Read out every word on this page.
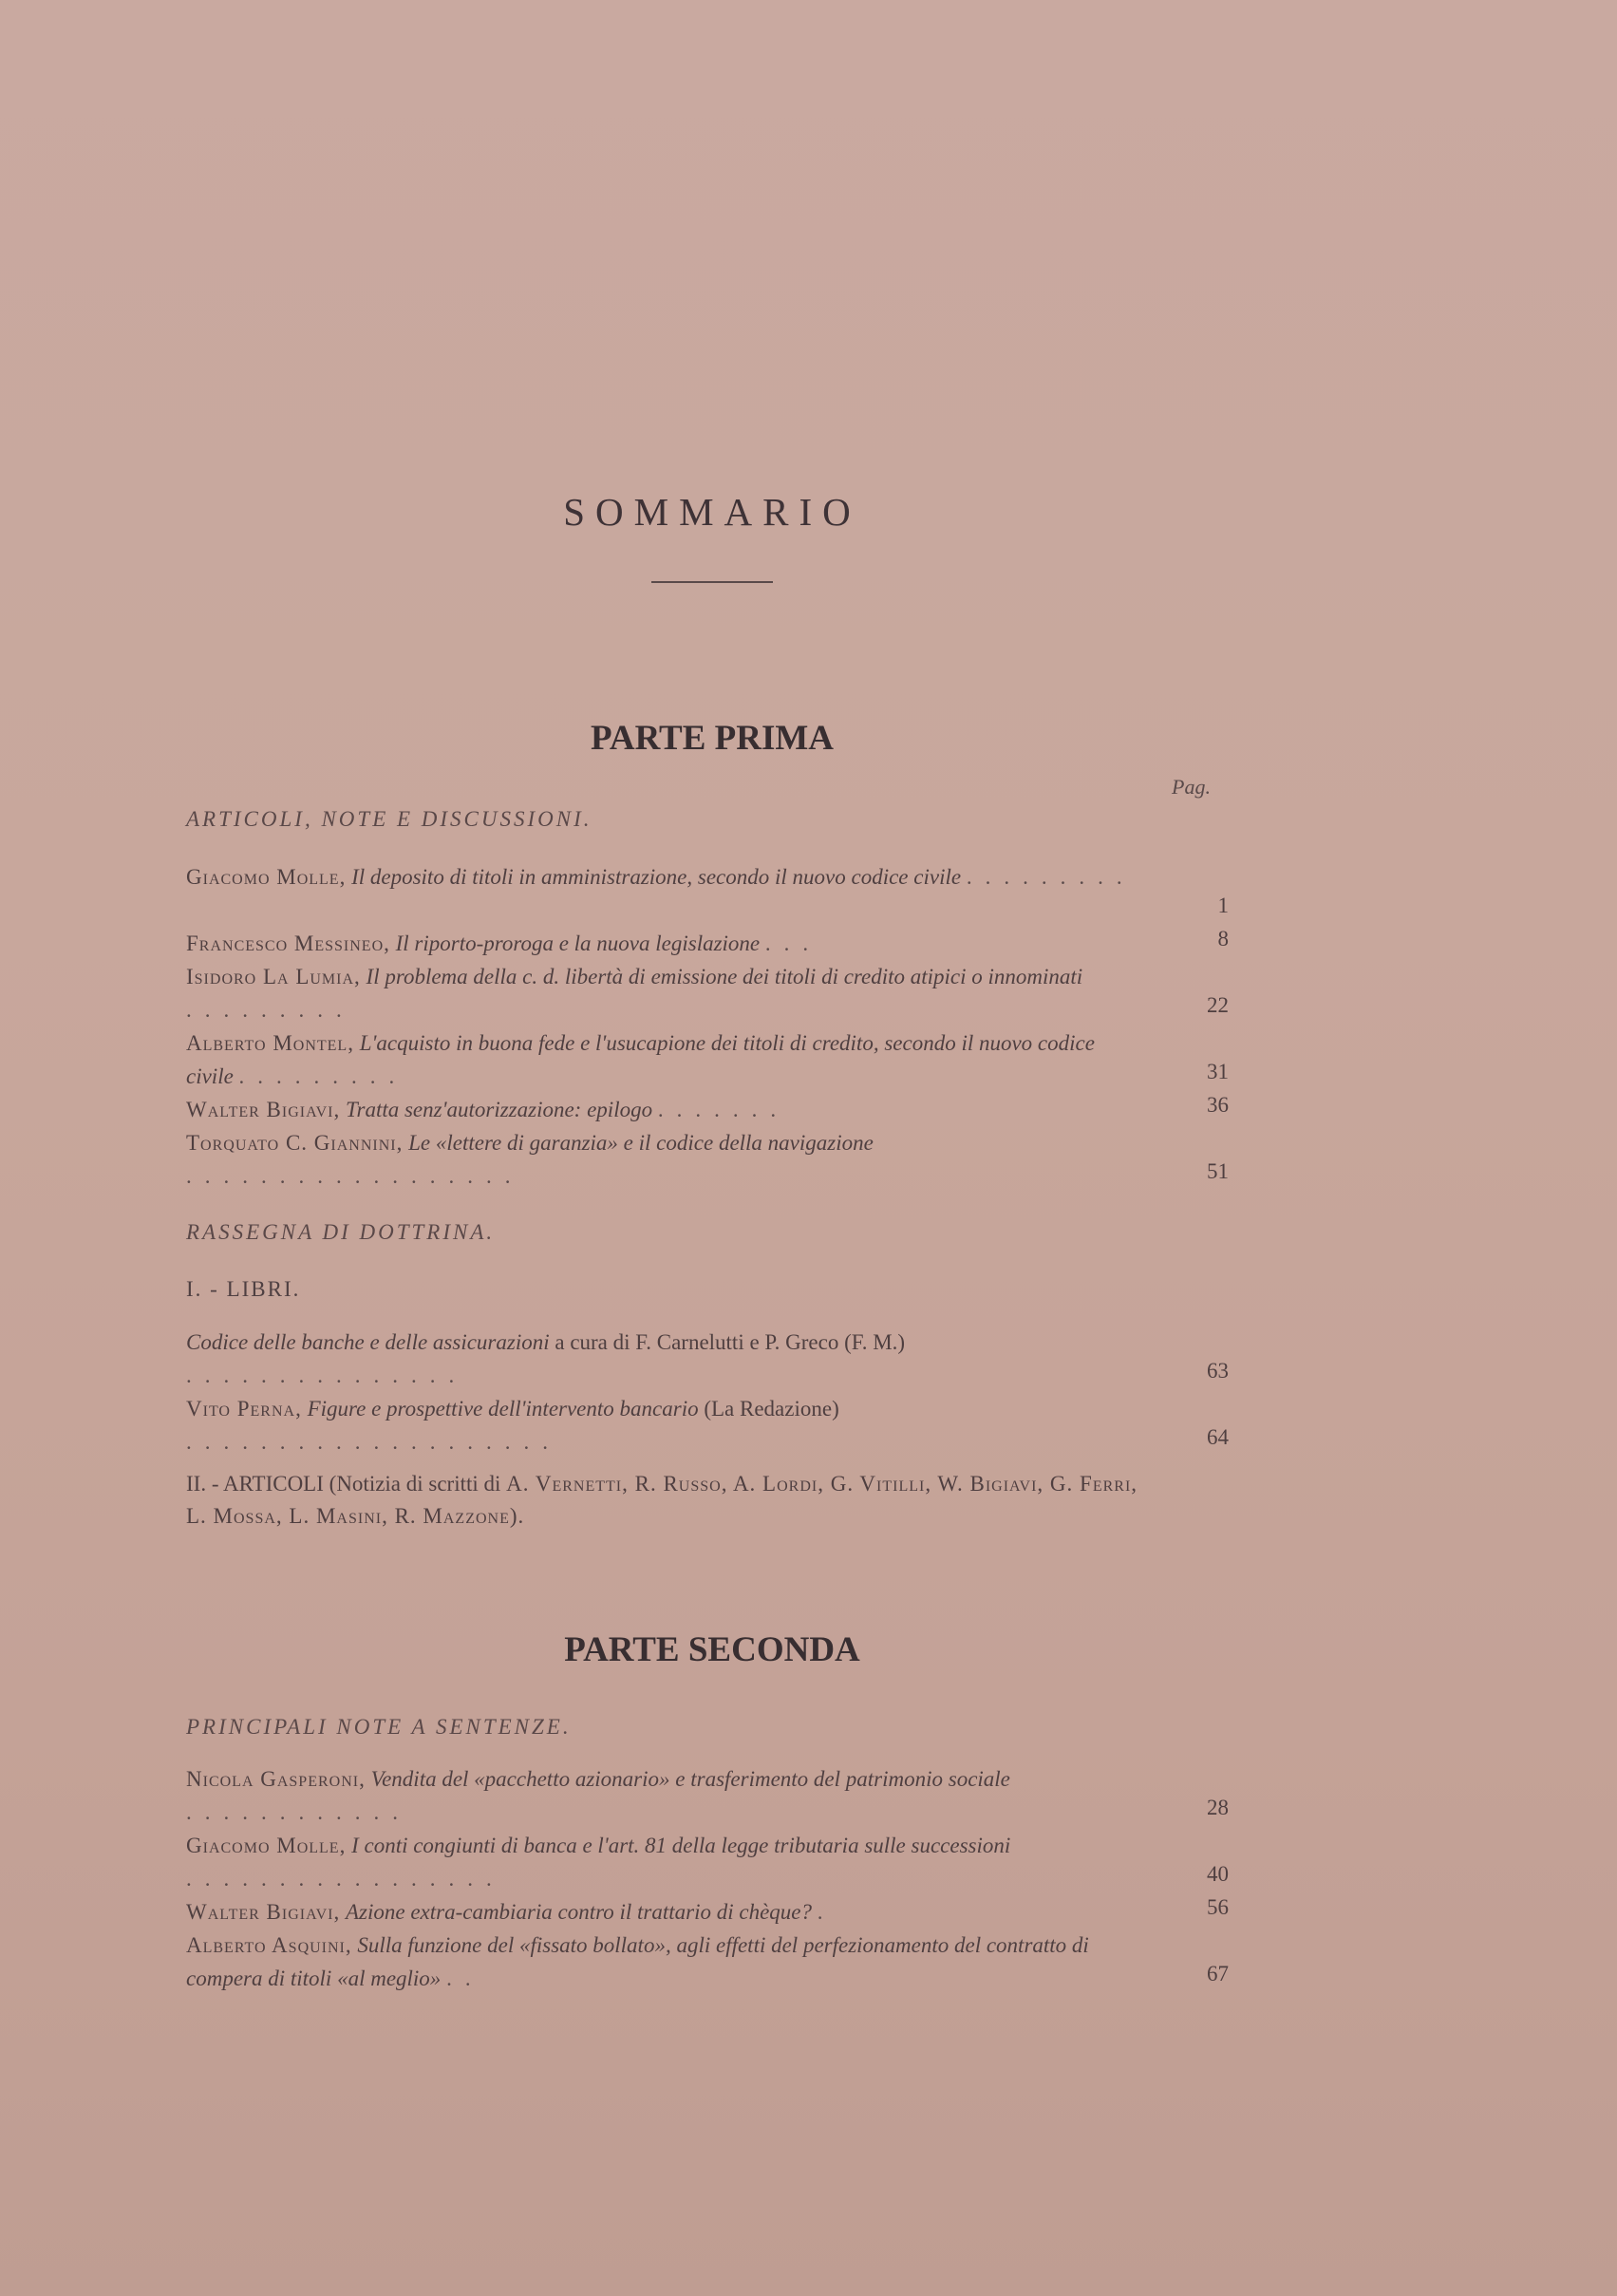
SOMMARIO
PARTE PRIMA
Pag.
ARTICOLI, NOTE E DISCUSSIONI.
Giacomo Molle, Il deposito di titoli in amministrazione, secondo il nuovo codice civile .........
1
Francesco Messineo, Il riporto-proroga e la nuova legislazione ...	8
Isidoro La Lumia, Il problema della c. d. libertà di emissione dei titoli di credito atipici o innominati .........	22
Alberto Montel, L'acquisto in buona fede e l'usucapione dei titoli di credito, secondo il nuovo codice civile .........	31
Walter Bigiavi, Tratta senz'autorizzazione: epilogo .......	36
Torquato C. Giannini, Le «lettere di garanzia» e il codice della navigazione ..................	51
RASSEGNA DI DOTTRINA.
I. - LIBRI.
Codice delle banche e delle assicurazioni a cura di F. Carnelutti e P. Greco (F. M.) ...............	63
Vito Perna, Figure e prospettive dell'intervento bancario (La Redazione) ....................	64
II. - ARTICOLI (Notizia di scritti di A. Vernetti, R. Russo, A. Lordi, G. Vitilli, W. Bigiavi, G. Ferri, L. Mossa, L. Masini, R. Mazzone).
PARTE SECONDA
PRINCIPALI NOTE A SENTENZE.
Nicola Gasperoni, Vendita del «pacchetto azionario» e trasferimento del patrimonio sociale ............	28
Giacomo Molle, I conti congiunti di banca e l'art. 81 della legge tributaria sulle successioni .................	40
Walter Bigiavi, Azione extra-cambiaria contro il trattario di chèque? .	56
Alberto Asquini, Sulla funzione del «fissato bollato», agli effetti del perfezionamento del contratto di compera di titoli «al meglio» ..	67
